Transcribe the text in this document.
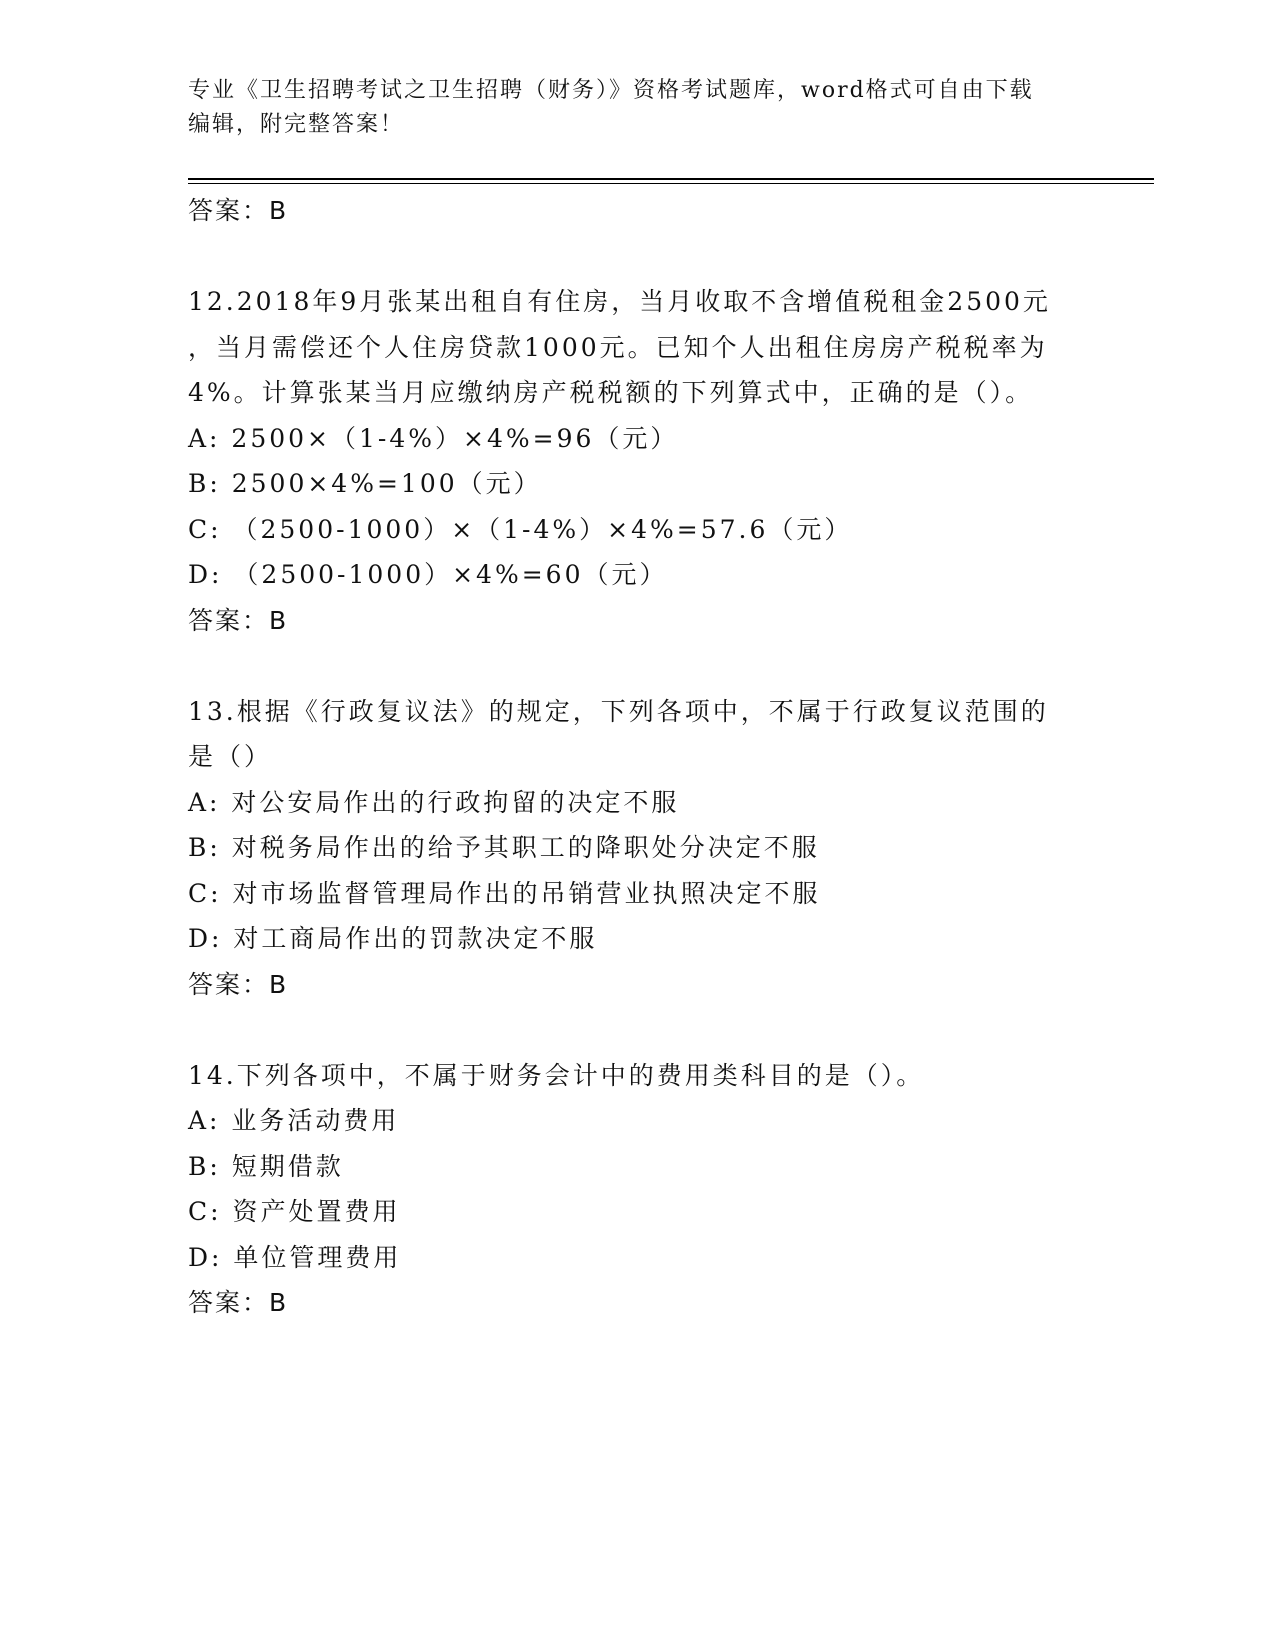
专业《卫生招聘考试之卫生招聘（财务）》资格考试题库，word格式可自由下载
编辑，附完整答案！
答案：B
12.2018年9月张某出租自有住房，当月收取不含增值税租金2500元
，当月需偿还个人住房贷款1000元。已知个人出租住房房产税税率为
4%。计算张某当月应缴纳房产税税额的下列算式中，正确的是（）。
A: 2500×（1-4%）×4%=96（元）
B: 2500×4%=100（元）
C: （2500-1000）×（1-4%）×4%=57.6（元）
D: （2500-1000）×4%=60（元）
答案：B
13.根据《行政复议法》的规定，下列各项中，不属于行政复议范围的
是（）
A: 对公安局作出的行政拘留的决定不服
B: 对税务局作出的给予其职工的降职处分决定不服
C: 对市场监督管理局作出的吊销营业执照决定不服
D: 对工商局作出的罚款决定不服
答案：B
14.下列各项中，不属于财务会计中的费用类科目的是（）。
A: 业务活动费用
B: 短期借款
C: 资产处置费用
D: 单位管理费用
答案：B
